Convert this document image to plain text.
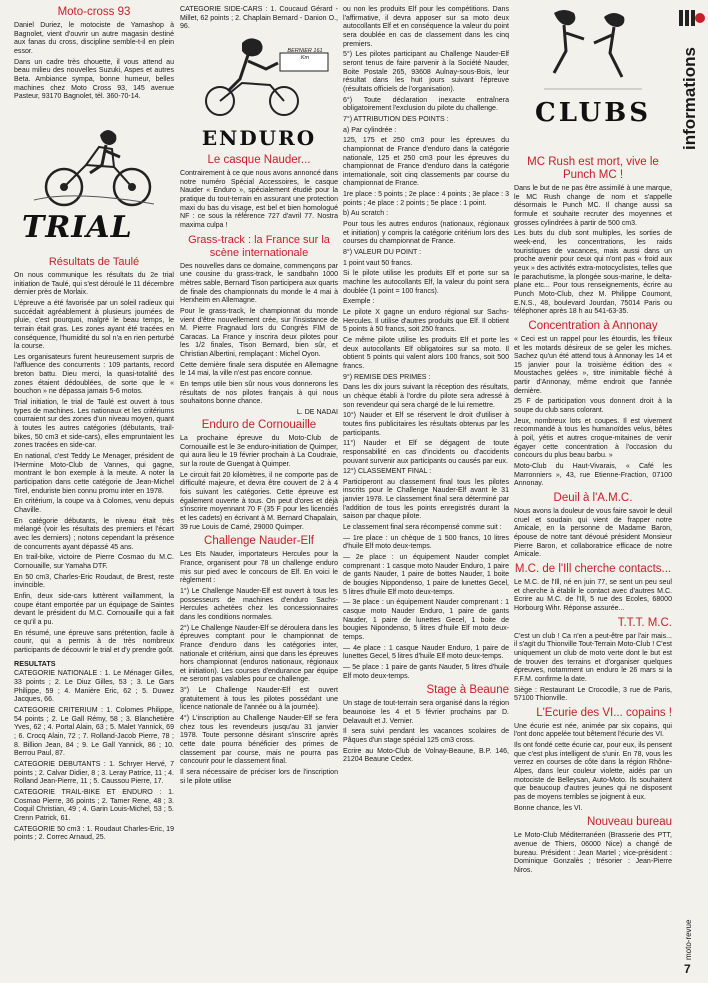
Moto-cross 93

Daniel Duriez, le motociste de Yamashop à Bagnolet, vient d'ouvrir un autre magasin destiné aux fanas du cross, discipline semble-t-il en plein essor.

Dans un cadre très chouette, il vous attend au beau milieu des nouvelles Suzuki, Aspes et autres Beta. Ambiance sympa, bonne humeur, belles machines chez Moto Cross 93, 145 avenue Pasteur, 93170 Bagnolet, tél. 360-70-14.

TRIAL
Résultats de Taulé

On nous communique les résultats du 2e trial initiation de Taulé, qui s'est déroulé le 11 décembre dernier près de Morlaix.

L'épreuve a été favorisée par un soleil radieux qui succédait agréablement à plusieurs journées de pluie, c'est pourquoi, malgré le beau temps, le terrain était gras. Les zones ayant été tracées en conséquence, l'humidité du sol n'a en rien perturbé la course.

Les organisateurs furent heureusement surpris de l'affluence des concurrents : 109 partants, record breton battu. Dieu merci, la quasi-totalité des zones étaient dédoublées, de sorte que le « bouchon » ne dépassa jamais 5-6 motos.

Trial initiation, le trial de Taulé est ouvert à tous types de machines. Les nationaux et les critériums courraient sur des zones d'un niveau moyen, quant à toutes les autres catégories (débutants, trail-bikes, 50 cm3 et side-cars), elles empruntaient les zones tracées en side-car.

En national, c'est Teddy Le Menager, président de l'Hermine Moto-Club de Vannes, qui gagne, montrant le bon exemple à la meute. A noter la participation dans cette catégorie de Jean-Michel Tirel, enduriste bien connu promu inter en 1978.

En critérium, la coupe va à Colomes, venu depuis Chaville.

En catégorie débutants, le niveau était très mélangé (voir les résultats des premiers et l'écart avec les derniers) ; notons cependant la présence de concurrents ayant dépassé 45 ans.

En trail-bike, victoire de Pierre Cosmao du M.C. Cornouaille, sur Yamaha DTF.

En 50 cm3, Charles-Eric Roudaut, de Brest, reste invincible.

Enfin, deux side-cars luttèrent vaillamment, la coupe étant emportée par un équipage de Saintes devant le président du M.C. Cornouaille qui a fait ce qu'il a pu.

En résumé, une épreuve sans prétention, facile à courir, qui a permis à de très nombreux participants de découvrir le trial et d'y prendre goût.

RESULTATS

CATEGORIE NATIONALE : 1. Le Ménager Gilles, 33 points ; 2. Le Diuz Gilles, 53 ; 3. Le Gars Philippe, 59 ; 4. Manière Eric, 62 ; 5. Duwez Jacques, 66.

CATEGORIE CRITERIUM : 1. Colomes Philippe, 54 points ; 2. Le Gall Rémy, 58 ; 3. Blanchetière Yves, 62 ; 4. Portal Alain, 63 ; 5. Malet Yannick, 69 ; 6. Crocq Alain, 72 ; 7. Rolland-Jacob Pierre, 78 ; 8. Billion Jean, 84 ; 9. Le Gall Yannick, 86 ; 10. Berrou Paul, 87.

CATEGORIE DEBUTANTS : 1. Schryer Hervé, 7 points ; 2. Calvar Didier, 8 ; 3. Leray Patrice, 11 ; 4. Rolland Jean-Pierre, 11 ; 5. Caussou Pierre, 17.

CATEGORIE TRAIL-BIKE ET ENDURO : 1. Cosmao Pierre, 36 points ; 2. Tamer Rene, 48 ; 3. Coquil Christian, 49 ; 4. Garin Louis-Michel, 53 ; 5. Crenn Patrick, 61.

CATEGORIE 50 cm3 : 1. Roudaut Charles-Eric, 19 points ; 2. Correc Arnaud, 25.

CATEGORIE SIDE-CARS : 1. Coucaud Gérard - Millet, 62 points ; 2. Chaplain Bernard - Danion O., 96.

BERNIER 161 Km
ENDURO
Le casque Nauder...

Contrairement à ce que nous avons annoncé dans notre numéro Spécial Accessoires, le casque Nauder « Enduro », spécialement étudié pour la pratique du tout-terrain en assurant une protection maxi du bas du visage, est bel et bien homologué NF : ce sous la référence 727 d'avril 77. Nostra maxima culpa !

Grass-track : la France sur la scène internationale

Des nouvelles dans ce domaine, commençons par une cousine du grass-track, le sandbahn 1000 mètres sable, Bernard Tison participera aux quarts de finale des championnats du monde le 4 mai à Herxheim en Allemagne.

Pour le grass-track, le championnat du monde vient d'être nouvellement crée, sur l'insistance de M. Pierre Fragnaud lors du Congrès FIM de Caracas. La France y inscrira deux pilotes pour les 1/2 finales, Tison Bernard, bien sûr, et Christian Albertini, remplaçant : Michel Oyon.

Cette dernière finale sera disputée en Allemagne le 14 mai, la ville n'est pas encore connue.

En temps utile bien sûr nous vous donnerons les résultats de nos pilotes français à qui nous souhaitons bonne chance.

L. DE NADAI
Enduro de Cornouaille

La prochaine épreuve du Moto-Club de Cornouaille est le 3e enduro-initiation de Quimper, qui aura lieu le 19 février prochain à La Coudraie, sur la route de Guengat à Quimper.

Le circuit fait 20 kilomètres, il ne comporte pas de difficulté majeure, et devra être couvert de 2 à 4 fois suivant les catégories. Cette épreuve est également ouverte à tous. On peut d'ores et déjà s'inscrire moyennant 70 F (35 F pour les licenciés et les cadets) en écrivant à M. Bernard Chapalain, 39 rue Louis de Carné, 29000 Quimper.

Challenge Nauder-Elf

Les Ets Nauder, importateurs Hercules pour la France, organisent pour 78 un challenge enduro mis sur pied avec le concours de Elf. En voici le règlement :

1°) Le Challenge Nauder-Elf est ouvert à tous les possesseurs de machines d'enduro Sachs-Hercules achetées chez les concessionnaires dans les conditions normales.

2°) Le Challenge Nauder-Elf se déroulera dans les épreuves comptant pour le championnat de France d'enduro dans les catégories inter, nationale et critérium, ainsi que dans les épreuves hors championnat (enduros nationaux, régionaux et initiation). Les courses d'endurance par équipe ne seront pas valables pour ce challenge.

3°) Le Challenge Nauder-Elf est ouvert gratuitement à tous les pilotes possédant une licence nationale de l'année ou à la journée).

4°) L'inscription au Challenge Nauder-Elf se fera chez tous les revendeurs jusqu'au 31 janvier 1978. Toute personne désirant s'inscrire après cette date pourra bénéficier des primes de classement par course, mais ne pourra pas concourir pour le classement final.

Il sera nécessaire de préciser lors de l'inscription si le pilote utilise

ou non les produits Elf pour les compétitions. Dans l'affirmative, il devra apposer sur sa moto deux autocollants Elf et en conséquence la valeur du point sera doublée en cas de classement dans les cinq premiers.

5°) Les pilotes participant au Challenge Nauder-Elf seront tenus de faire parvenir à la Société Nauder, Boite Postale 265, 93608 Aulnay-sous-Bois, leur résultat dans les huit jours suivant l'épreuve (résultats officiels de l'organisation).

6°) Toute déclaration inexacte entraînera obligatoirement l'exclusion du pilote du challenge.

7°) ATTRIBUTION DES POINTS :

a) Par cylindrée :

125, 175 et 250 cm3 pour les épreuves du championnat de France d'enduro dans la catégorie nationale, 125 et 250 cm3 pour les épreuves du championnat de France d'enduro dans la catégorie internationale, soit cinq classements par course du championnat de France.

1re place : 5 points ; 2e place : 4 points ; 3e place : 3 points ; 4e place : 2 points ; 5e place : 1 point.

b) Au scratch :

Pour tous les autres enduros (nationaux, régionaux et initiation) y compris la catégorie critérium lors des courses du championnat de France.

8°) VALEUR DU POINT :

1 point vaut 50 francs.

Si le pilote utilise les produits Elf et porte sur sa machine les autocollants Elf, la valeur du point sera doublée (1 point = 100 francs).

Exemple :

Le pilote X gagne un enduro régional sur Sachs-Hercules. Il utilise d'autres produits que Elf. Il obtient 5 points à 50 francs, soit 250 francs.

Ce même pilote utilise les produits Elf et porte les deux autocollants Elf obligatoires sur sa moto. Il obtient 5 points qui valent alors 100 francs, soit 500 francs.

9°) REMISE DES PRIMES :

Dans les dix jours suivant la réception des résultats, un chèque établi à l'ordre du pilote sera adressé à son revendeur qui sera chargé de le lui remettre.

10°) Nauder et Elf se réservent le droit d'utiliser à toutes fins publicitaires les résultats obtenus par les participants.

11°) Nauder et Elf se dégagent de toute responsabilité en cas d'incidents ou d'accidents pouvant survenir aux participants ou causés par eux.

12°) CLASSEMENT FINAL :

Participeront au classement final tous les pilotes inscrits pour le Challenge Nauder-Elf avant le 31 janvier 1978. Le classement final sera déterminé par l'addition de tous les points enregistrés durant la saison par chaque pilote.

Le classement final sera récompensé comme suit :

— 1re place : un chèque de 1 500 francs, 10 litres d'huile Elf moto deux-temps.

— 2e place : un équipement Nauder complet comprenant : 1 casque moto Nauder Enduro, 1 paire de gants Nauder, 1 paire de bottes Nauder, 1 boite de bougies Nippondenso, 1 paire de lunettes Gecel, 5 litres d'huile Elf moto deux-temps.

— 3e place : un équipement Nauder comprenant : 1 casque moto Nauder Enduro, 1 paire de gants Nauder, 1 paire de lunettes Gecel, 1 boite de bougies Nipondenso, 5 litres d'huile Elf moto deux-temps.

— 4e place : 1 casque Nauder Enduro, 1 paire de lunettes Gecel, 5 litres d'huile Elf moto deux-temps.

— 5e place : 1 paire de gants Nauder, 5 litres d'huile Elf moto deux-temps.

Stage à Beaune

Un stage de tout-terrain sera organisé dans la région beaunoise les 4 et 5 février prochains par D. Delavault et J. Vernier.

Il sera suivi pendant les vacances scolaires de Pâques d'un stage spécial 125 cm3 cross.

Ecrire au Moto-Club de Volnay-Beaune, B.P. 146, 21204 Beaune Cedex.

CLUBS
MC Rush est mort, vive le Punch MC !

Dans le but de ne pas être assimilé à une marque, le MC Rush change de nom et s'appelle désormais le Punch MC. Il change aussi sa formule et souhaite recruter des moyennes et grosses cylindrées à partir de 500 cm3.

Les buts du club sont multiples, les sorties de week-end, les concentrations, les raids touristiques de vacances, mais aussi dans un proche avenir pour ceux qui n'ont pas « froid aux yeux » des activités extra-motocyclistes, telles que le parachutisme, la plongée sous-marine, le delta-plane etc... Pour tous renseignements, écrire au Punch Moto-Club, chez M. Philippe Coumont, E.N.S., 48, boulevard Jourdan, 75014 Paris ou téléphoner après 18 h au 541-63-35.

Concentration à Annonay

« Ceci est un rappel pour les étourdis, les frileux et les motards désireux de se geler les miches. Sachez qu'un été attend tous à Annonay les 14 et 15 janvier pour la troisième édition des « Moustaches gelées », titre inimitable fièché à partir d'Annonay, même endroit que l'année dernière.

25 F de participation vous donnent droit à la soupe du club sans colorant.

Jeux, nombreux lots et coupes. Il est vivement recommandé à tous les humanoïdes velus, bêtes à poil, yétis et autres croque-mitaines de venir égayer cette concentration à l'occasion du concours du plus beau barbu. »

Moto-Club du Haut-Vivarais, « Café les Marronniers », 43, rue Etienne-Fraction, 07100 Annonay.

Deuil à l'A.M.C.

Nous avons la douleur de vous faire savoir le deuil cruel et soudain qui vient de frapper notre Amicale, en la personne de Madame Baron, épouse de notre tant dévoué président Monsieur Pierre Baron, et collaboratrice efficace de notre Amicale.

M.C. de l'Ill cherche contacts...

Le M.C. de l'Ill, né en juin 77, se sent un peu seul et cherche à établir le contact avec d'autres M.C. Ecrire au M.C. de l'Ill, 5 rue des Ecoles, 68000 Horbourg Wihr. Réponse assurée...

T.T.T. M.C.

C'est un club ! Ca n'en a peut-être par l'air mais... il s'agit du Thionville Tout-Terrain Moto-Club ! C'est uniquement un club de moto verte dont le but est de trouver des terrains et d'organiser quelques épreuves, notamment un enduro le 26 mars si la F.F.M. confirme la date.

Siège : Restaurant Le Crocodile, 3 rue de Paris, 57100 Thionville.

L'Ecurie des VI... copains !

Une écurie est née, animée par six copains, qui l'ont donc appelée tout bêtement l'écurie des VI.

Ils ont fondé cette écurie car, pour eux, ils pensent que c'est plus intelligent de s'unir. En 78, vous les verrez en courses de côte dans la région Rhône-Alpes, dans leur couleur violette, aidés par un motociste de Belleysan, Auto-Moto. Ils souhaitent que beaucoup d'autres jeunes qui ne disposent pas de moyens terribles se joignent à eux.

Bonne chance, les VI.

Nouveau bureau

Le Moto-Club Méditerranéen (Brasserie des PTT, avenue de Thiers, 06000 Nice) a changé de bureau. Président : Jean Martel ; vice-président : Dominique Gonzalès ; trésorier : Jean-Pierre Niros.

informations
moto-revue
7
